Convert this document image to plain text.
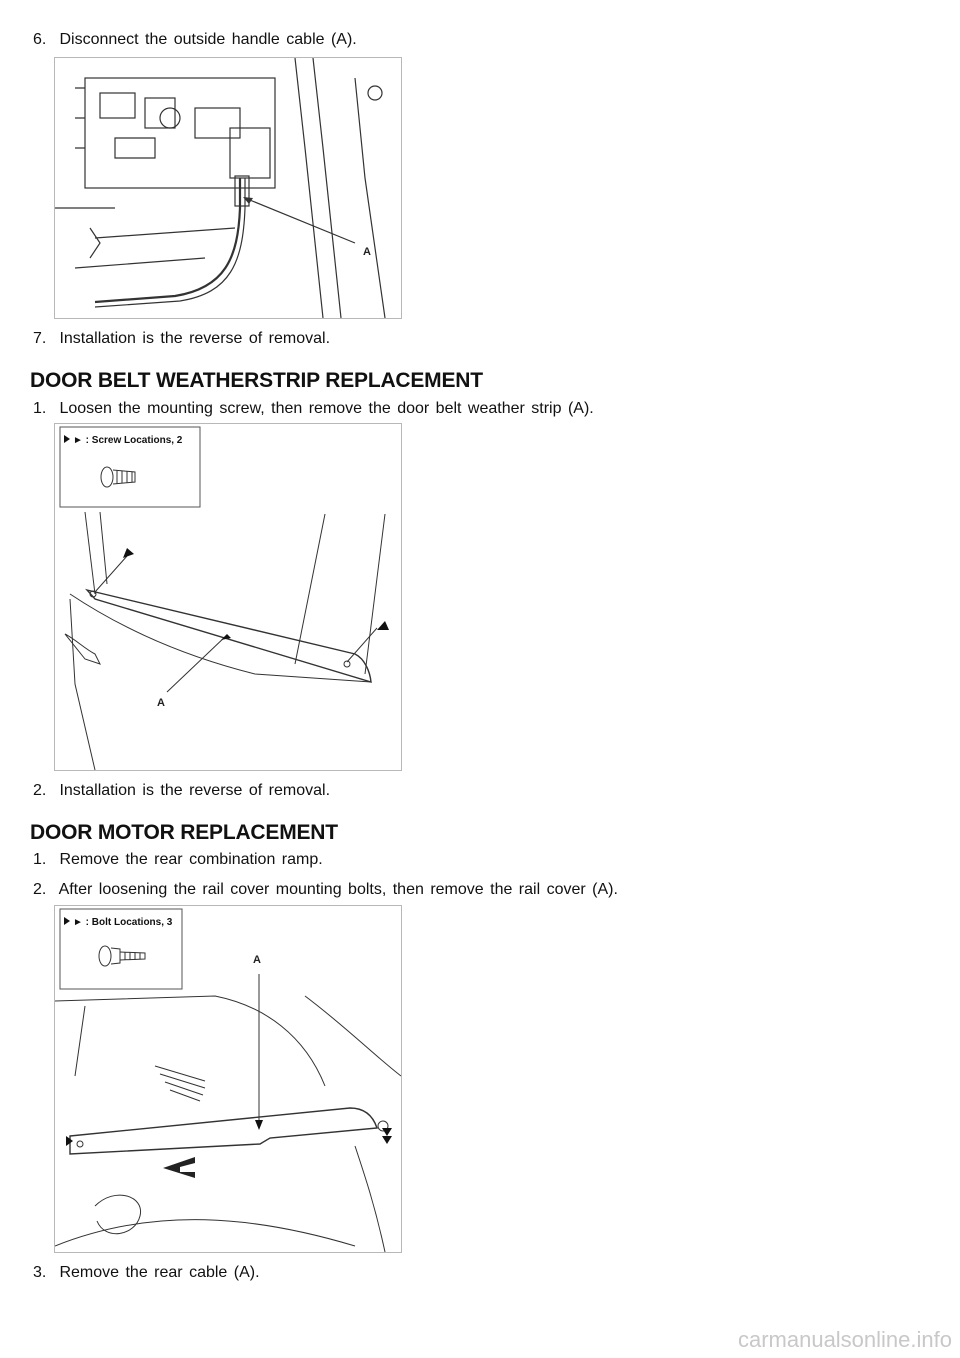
6. Disconnect the outside handle cable (A).
A
7. Installation is the reverse of removal.
DOOR BELT WEATHERSTRIP REPLACEMENT
1. Loosen the mounting screw, then remove the door belt weather strip (A).
► : Screw Locations, 2
A
2. Installation is the reverse of removal.
DOOR MOTOR REPLACEMENT
1. Remove the rear combination ramp.
2. After loosening the rail cover mounting bolts, then remove the rail cover (A).
► : Bolt Locations, 3
A
3. Remove the rear cable (A).
carmanualsonline.info
